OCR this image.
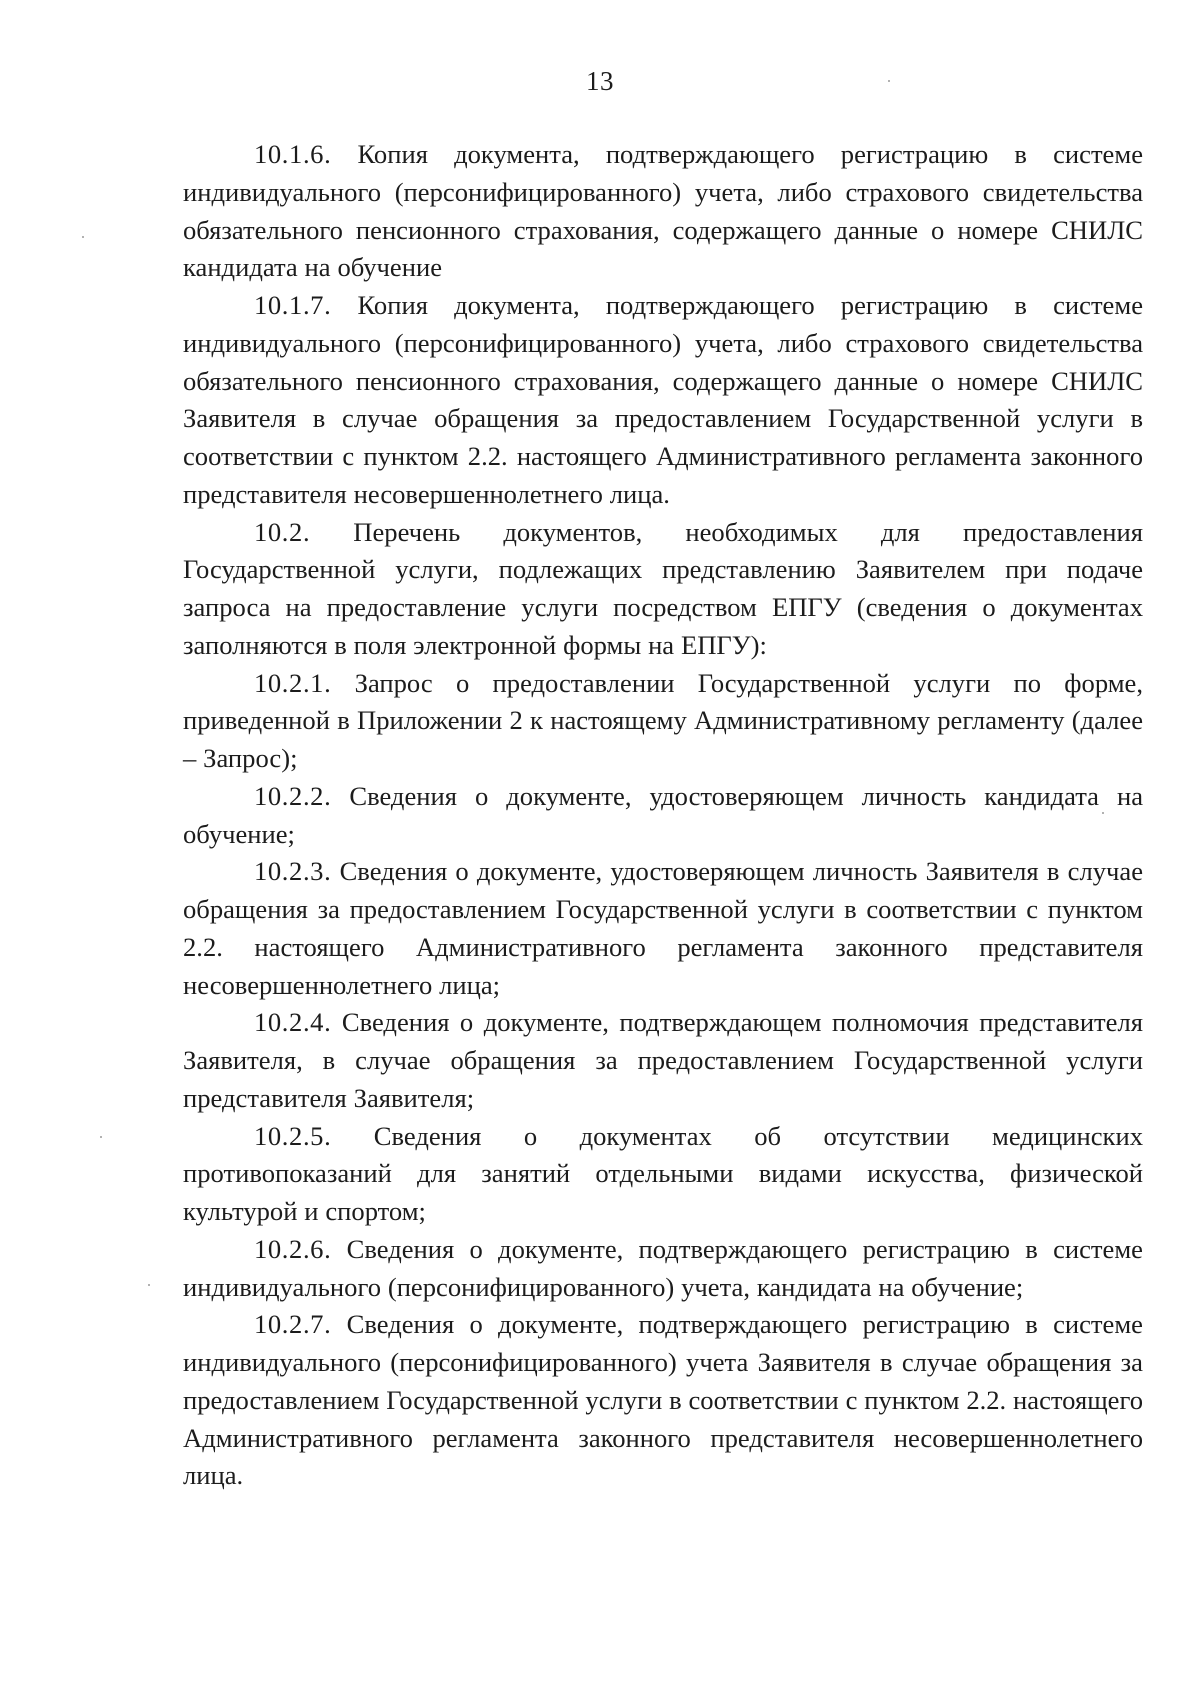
13

10.1.6. Копия документа, подтверждающего регистрацию в системе индивидуального (персонифицированного) учета, либо страхового свидетельства обязательного пенсионного страхования, содержащего данные о номере СНИЛС кандидата на обучение

10.1.7. Копия документа, подтверждающего регистрацию в системе индивидуального (персонифицированного) учета, либо страхового свидетельства обязательного пенсионного страхования, содержащего данные о номере СНИЛС Заявителя в случае обращения за предоставлением Государственной услуги в соответствии с пунктом 2.2. настоящего Административного регламента законного представителя несовершеннолетнего лица.

10.2. Перечень документов, необходимых для предоставления Государственной услуги, подлежащих представлению Заявителем при подаче запроса на предоставление услуги посредством ЕПГУ (сведения о документах заполняются в поля электронной формы на ЕПГУ):

10.2.1. Запрос о предоставлении Государственной услуги по форме, приведенной в Приложении 2 к настоящему Административному регламенту (далее – Запрос);

10.2.2. Сведения о документе, удостоверяющем личность кандидата на обучение;

10.2.3. Сведения о документе, удостоверяющем личность Заявителя в случае обращения за предоставлением Государственной услуги в соответствии с пунктом 2.2. настоящего Административного регламента законного представителя несовершеннолетнего лица;

10.2.4. Сведения о документе, подтверждающем полномочия представителя Заявителя, в случае обращения за предоставлением Государственной услуги представителя Заявителя;

10.2.5. Сведения о документах об отсутствии медицинских противопоказаний для занятий отдельными видами искусства, физической культурой и спортом;

10.2.6. Сведения о документе, подтверждающего регистрацию в системе индивидуального (персонифицированного) учета, кандидата на обучение;

10.2.7. Сведения о документе, подтверждающего регистрацию в системе индивидуального (персонифицированного) учета Заявителя в случае обращения за предоставлением Государственной услуги в соответствии с пунктом 2.2. настоящего Административного регламента законного представителя несовершеннолетнего лица.
